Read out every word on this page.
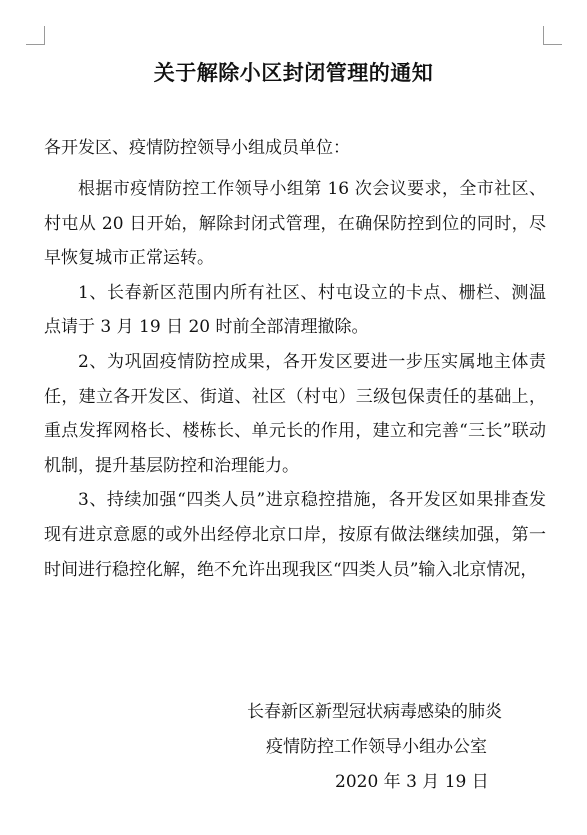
关于解除小区封闭管理的通知
各开发区、疫情防控领导小组成员单位：

根据市疫情防控工作领导小组第 16 次会议要求，全市社区、村屯从 20 日开始，解除封闭式管理，在确保防控到位的同时，尽早恢复城市正常运转。

1、长春新区范围内所有社区、村屯设立的卡点、栅栏、测温点请于 3 月 19 日 20 时前全部清理撤除。

2、为巩固疫情防控成果，各开发区要进一步压实属地主体责任，建立各开发区、街道、社区（村屯）三级包保责任的基础上，重点发挥网格长、楼栋长、单元长的作用，建立和完善“三长”联动机制，提升基层防控和治理能力。

3、持续加强“四类人员”进京稳控措施，各开发区如果排查发现有进京意愿的或外出经停北京口岸，按原有做法继续加强，第一时间进行稳控化解，绝不允许出现我区“四类人员”输入北京情况，

长春新区新型冠状病毒感染的肺炎
疫情防控工作领导小组办公室
2020 年 3 月 19 日
